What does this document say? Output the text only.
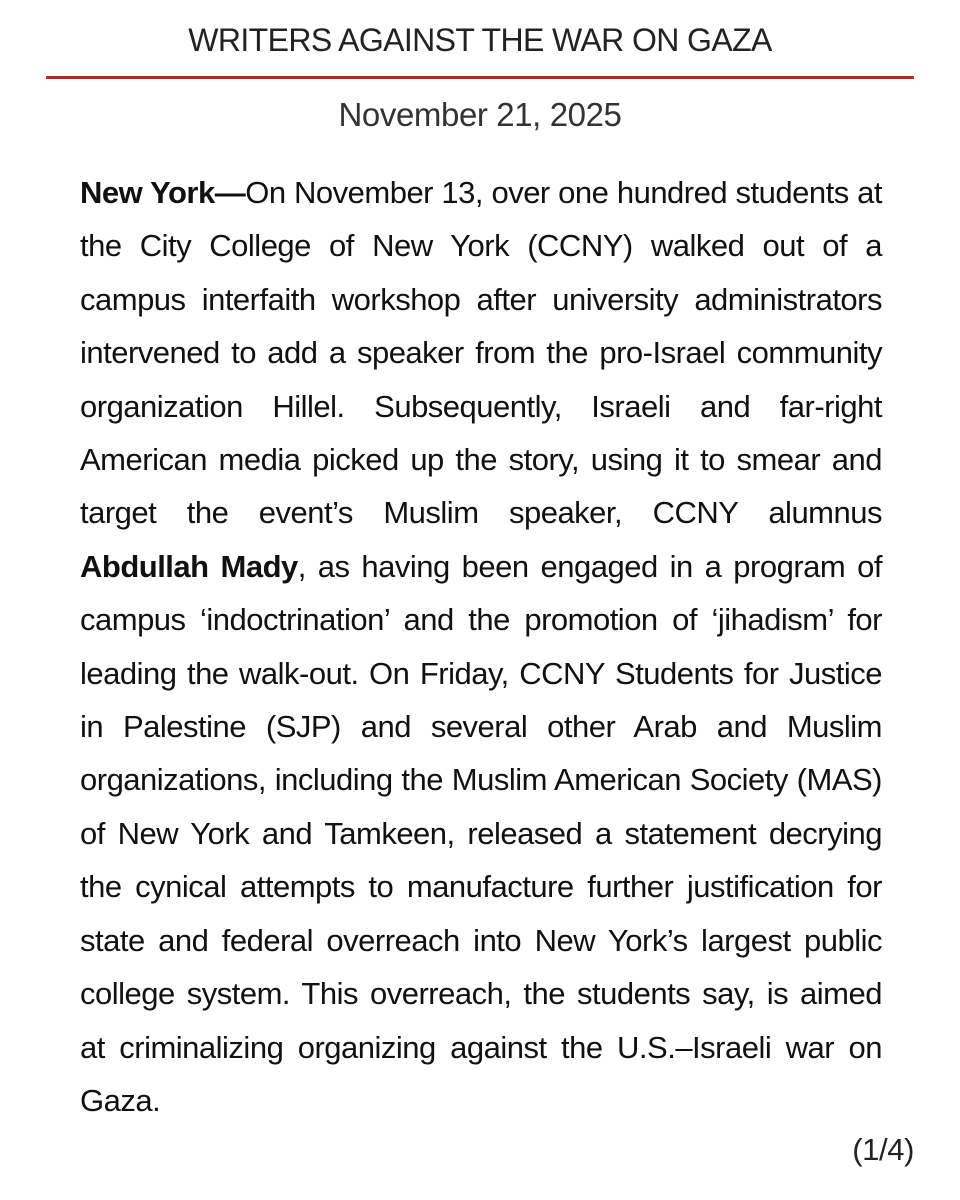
WRITERS AGAINST THE WAR ON GAZA
November 21, 2025

New York—On November 13, over one hundred students at the City College of New York (CCNY) walked out of a campus interfaith workshop after university administrators intervened to add a speaker from the pro-Israel community organization Hillel. Subsequently, Israeli and far-right American media picked up the story, using it to smear and target the event’s Muslim speaker, CCNY alumnus Abdullah Mady, as having been engaged in a program of campus ‘indoctrination’ and the promotion of ‘jihadism’ for leading the walk-out. On Friday, CCNY Students for Justice in Palestine (SJP) and several other Arab and Muslim organizations, including the Muslim American Society (MAS) of New York and Tamkeen, released a statement decrying the cynical attempts to manufacture further justification for state and federal overreach into New York’s largest public college system. This overreach, the students say, is aimed at criminalizing organizing against the U.S.–Israeli war on Gaza.

(1/4)
